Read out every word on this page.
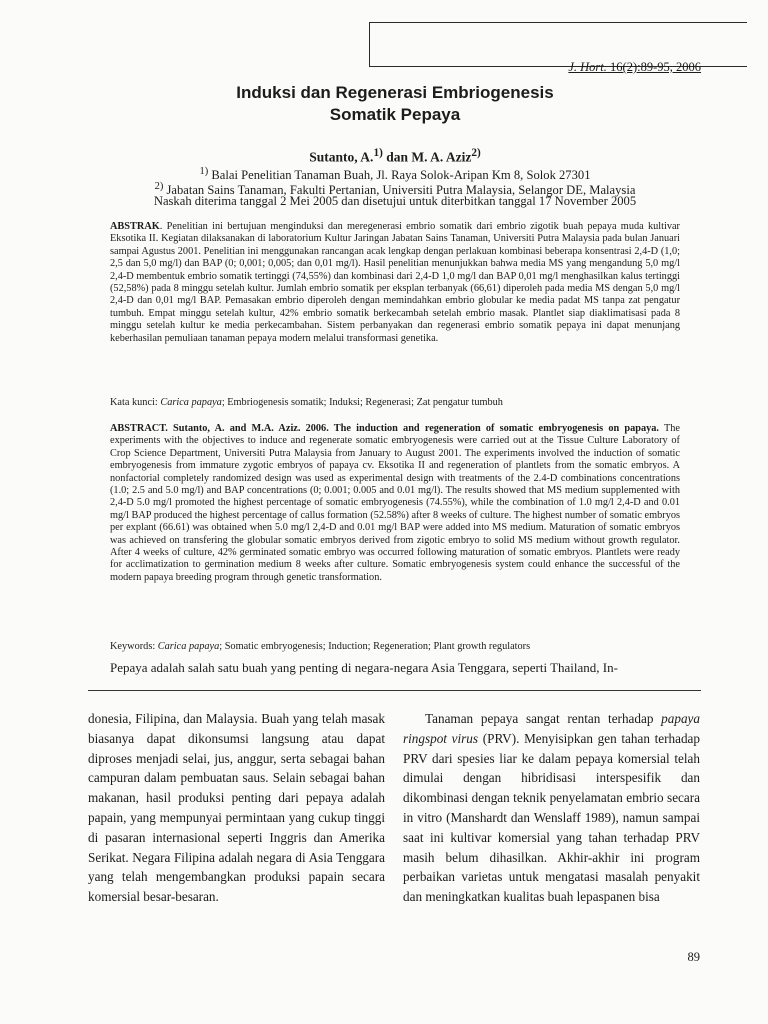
J. Hort. 16(2):89-95, 2006
Induksi dan Regenerasi Embriogenesis
Somatik Pepaya
Sutanto, A.$^{1)}$ dan M. A. Aziz$^{2)}$
$^{1)}$ Balai Penelitian Tanaman Buah, Jl. Raya Solok-Aripan Km 8, Solok 27301
$^{2)}$ Jabatan Sains Tanaman, Fakulti Pertanian, Universiti Putra Malaysia, Selangor DE, Malaysia
Naskah diterima tanggal 2 Mei 2005 dan disetujui untuk diterbitkan tanggal 17 November 2005
ABSTRAK. Penelitian ini bertujuan menginduksi dan meregenerasi embrio somatik dari embrio zigotik buah pepaya muda kultivar Eksotika II. Kegiatan dilaksanakan di laboratorium Kultur Jaringan Jabatan Sains Tanaman, Universiti Putra Malaysia pada bulan Januari sampai Agustus 2001. Penelitian ini menggunakan rancangan acak lengkap dengan perlakuan kombinasi beberapa konsentrasi 2,4-D (1,0; 2,5 dan 5,0 mg/l) dan BAP (0; 0,001; 0,005; dan 0,01 mg/l). Hasil penelitian menunjukkan bahwa media MS yang mengandung 5,0 mg/l 2,4-D membentuk embrio somatik tertinggi (74,55%) dan kombinasi dari 2,4-D 1,0 mg/l dan BAP 0,01 mg/l menghasilkan kalus tertinggi (52,58%) pada 8 minggu setelah kultur. Jumlah embrio somatik per eksplan terbanyak (66,61) diperoleh pada media MS dengan 5,0 mg/l 2,4-D dan 0,01 mg/l BAP. Pemasakan embrio diperoleh dengan memindahkan embrio globular ke media padat MS tanpa zat pengatur tumbuh. Empat minggu setelah kultur, 42% embrio somatik berkecambah setelah embrio masak. Plantlet siap diaklimatisasi pada 8 minggu setelah kultur ke media perkecambahan. Sistem perbanyakan dan regenerasi embrio somatik pepaya ini dapat menunjang keberhasilan pemuliaan tanaman pepaya modern melalui transformasi genetika.
Kata kunci: Carica papaya; Embriogenesis somatik; Induksi; Regenerasi; Zat pengatur tumbuh
ABSTRACT. Sutanto, A. and M.A. Aziz. 2006. The induction and regeneration of somatic embryogenesis on papaya. The experiments with the objectives to induce and regenerate somatic embryogenesis were carried out at the Tissue Culture Laboratory of Crop Science Department, Universiti Putra Malaysia from January to August 2001. The experiments involved the induction of somatic embryogenesis from immature zygotic embryos of papaya cv. Eksotika II and regeneration of plantlets from the somatic embryos. A nonfactorial completely randomized design was used as experimental design with treatments of the 2.4-D combinations concentrations (1.0; 2.5 and 5.0 mg/l) and BAP concentrations (0; 0.001; 0.005 and 0.01 mg/l). The results showed that MS medium supplemented with 2,4-D 5.0 mg/l promoted the highest percentage of somatic embryogenesis (74.55%), while the combination of 1.0 mg/l 2,4-D and 0.01 mg/l BAP produced the highest percentage of callus formation (52.58%) after 8 weeks of culture. The highest number of somatic embryos per explant (66.61) was obtained when 5.0 mg/l 2,4-D and 0.01 mg/l BAP were added into MS medium. Maturation of somatic embryos was achieved on transfering the globular somatic embryos derived from zigotic embryo to solid MS medium without growth regulator. After 4 weeks of culture, 42% germinated somatic embryo was occurred following maturation of somatic embryos. Plantlets were ready for acclimatization to germination medium 8 weeks after culture. Somatic embryogenesis system could enhance the successful of the modern papaya breeding program through genetic transformation.
Keywords: Carica papaya; Somatic embryogenesis; Induction; Regeneration; Plant growth regulators
Pepaya adalah salah satu buah yang penting di negara-negara Asia Tenggara, seperti Thailand, In-
donesia, Filipina, dan Malaysia. Buah yang telah masak biasanya dapat dikonsumsi langsung atau dapat diproses menjadi selai, jus, anggur, serta sebagai bahan campuran dalam pembuatan saus. Selain sebagai bahan makanan, hasil produksi penting dari pepaya adalah papain, yang mempunyai permintaan yang cukup tinggi di pasaran internasional seperti Inggris dan Amerika Serikat. Negara Filipina adalah negara di Asia Tenggara yang telah mengembangkan produksi papain secara komersial besar-besaran.
Tanaman pepaya sangat rentan terhadap papaya ringspot virus (PRV). Menyisipkan gen tahan terhadap PRV dari spesies liar ke dalam pepaya komersial telah dimulai dengan hibridisasi interspesifik dan dikombinasi dengan teknik penyelamatan embrio secara in vitro (Manshardt dan Wenslaff 1989), namun sampai saat ini kultivar komersial yang tahan terhadap PRV masih belum dihasilkan. Akhir-akhir ini program perbaikan varietas untuk mengatasi masalah penyakit dan meningkatkan kualitas buah lepaspanen bisa
89
